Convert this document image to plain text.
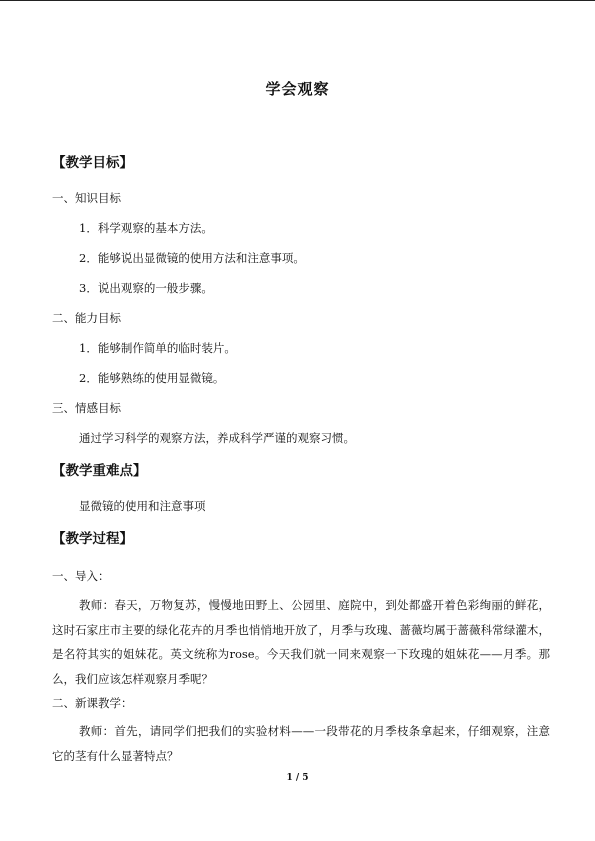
学会观察
【教学目标】
一、知识目标
1．科学观察的基本方法。
2．能够说出显微镜的使用方法和注意事项。
3．说出观察的一般步骤。
二、能力目标
1．能够制作简单的临时装片。
2．能够熟练的使用显微镜。
三、情感目标
通过学习科学的观察方法，养成科学严谨的观察习惯。
【教学重难点】
显微镜的使用和注意事项
【教学过程】
一、导入：
教师：春天，万物复苏，慢慢地田野上、公园里、庭院中，到处都盛开着色彩绚丽的鲜花，这时石家庄市主要的绿化花卉的月季也悄悄地开放了，月季与玫瑰、蔷薇均属于蔷薇科常绿灌木，是名符其实的姐妹花。英文统称为rose。今天我们就一同来观察一下玫瑰的姐妹花——月季。那么，我们应该怎样观察月季呢？
二、新课教学：
教师：首先，请同学们把我们的实验材料——一段带花的月季枝条拿起来，仔细观察，注意它的茎有什么显著特点？
1 / 5
